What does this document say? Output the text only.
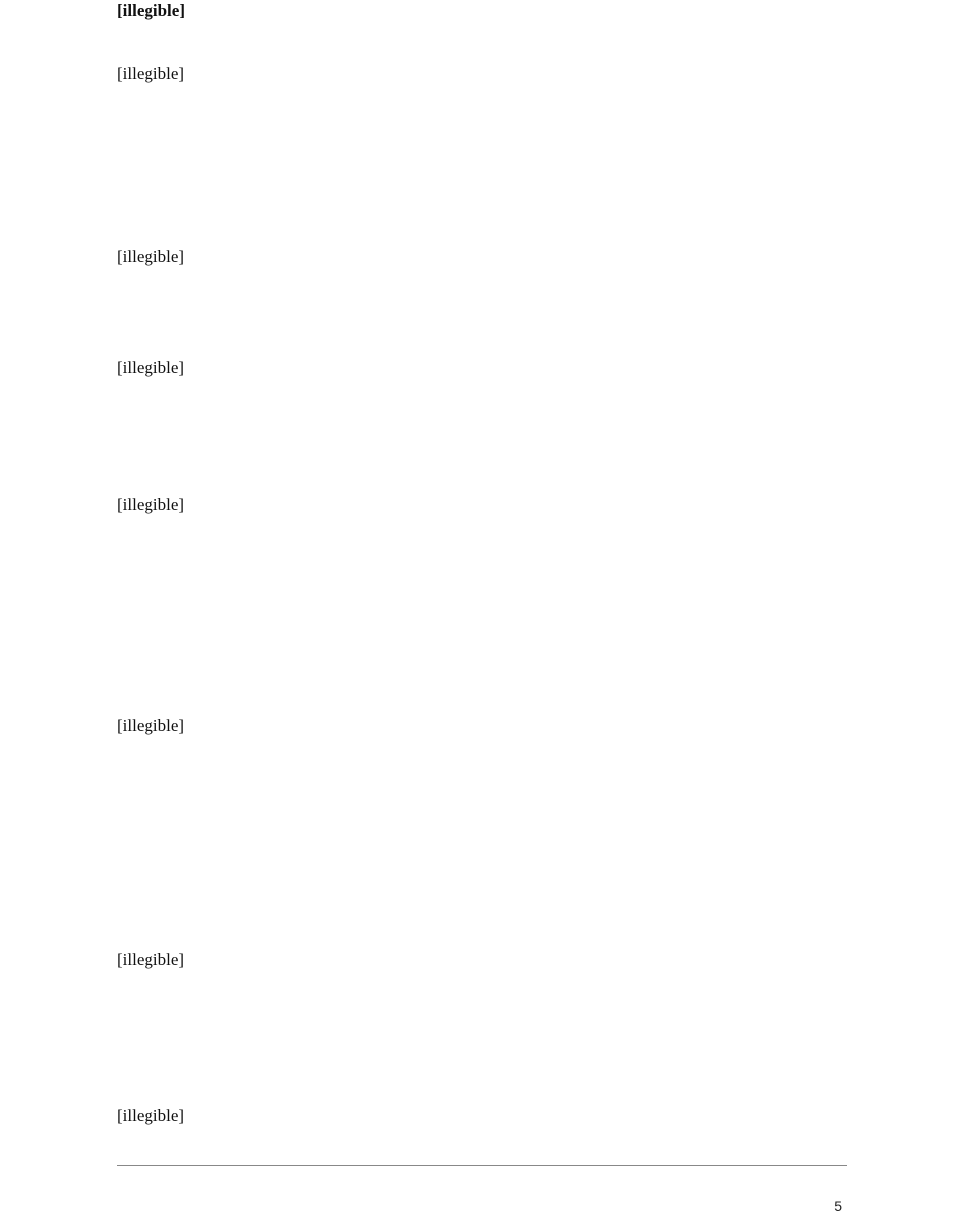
[illegible]
[illegible]
[illegible]
[illegible]
[illegible]
[illegible]
[illegible]
[illegible]
5
